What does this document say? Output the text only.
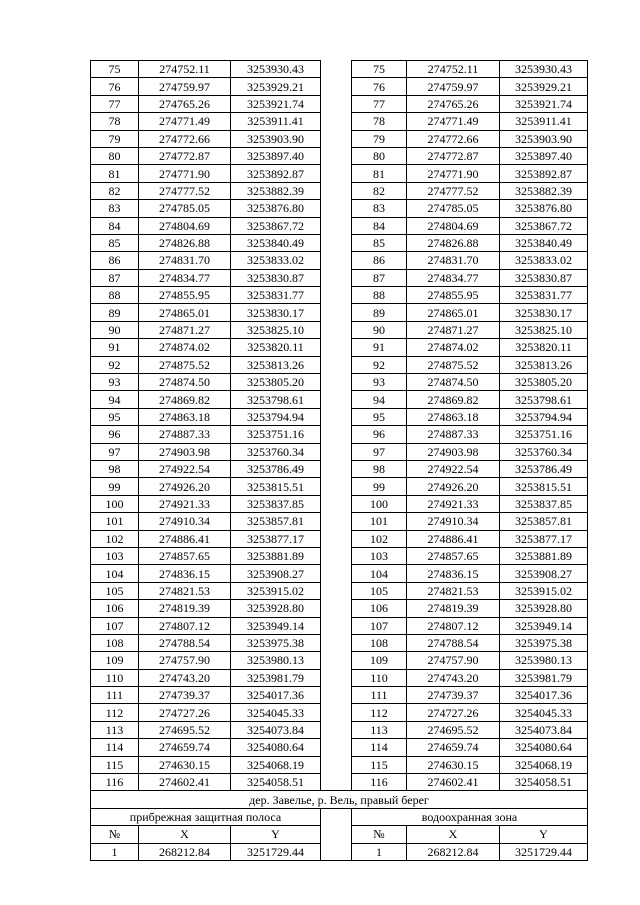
75	274752.11	3253930.43		75	274752.11	3253930.43
76	274759.97	3253929.21		76	274759.97	3253929.21
77	274765.26	3253921.74		77	274765.26	3253921.74
78	274771.49	3253911.41		78	274771.49	3253911.41
79	274772.66	3253903.90		79	274772.66	3253903.90
80	274772.87	3253897.40		80	274772.87	3253897.40
81	274771.90	3253892.87		81	274771.90	3253892.87
82	274777.52	3253882.39		82	274777.52	3253882.39
83	274785.05	3253876.80		83	274785.05	3253876.80
84	274804.69	3253867.72		84	274804.69	3253867.72
85	274826.88	3253840.49		85	274826.88	3253840.49
86	274831.70	3253833.02		86	274831.70	3253833.02
87	274834.77	3253830.87		87	274834.77	3253830.87
88	274855.95	3253831.77		88	274855.95	3253831.77
89	274865.01	3253830.17		89	274865.01	3253830.17
90	274871.27	3253825.10		90	274871.27	3253825.10
91	274874.02	3253820.11		91	274874.02	3253820.11
92	274875.52	3253813.26		92	274875.52	3253813.26
93	274874.50	3253805.20		93	274874.50	3253805.20
94	274869.82	3253798.61		94	274869.82	3253798.61
95	274863.18	3253794.94		95	274863.18	3253794.94
96	274887.33	3253751.16		96	274887.33	3253751.16
97	274903.98	3253760.34		97	274903.98	3253760.34
98	274922.54	3253786.49		98	274922.54	3253786.49
99	274926.20	3253815.51		99	274926.20	3253815.51
100	274921.33	3253837.85		100	274921.33	3253837.85
101	274910.34	3253857.81		101	274910.34	3253857.81
102	274886.41	3253877.17		102	274886.41	3253877.17
103	274857.65	3253881.89		103	274857.65	3253881.89
104	274836.15	3253908.27		104	274836.15	3253908.27
105	274821.53	3253915.02		105	274821.53	3253915.02
106	274819.39	3253928.80		106	274819.39	3253928.80
107	274807.12	3253949.14		107	274807.12	3253949.14
108	274788.54	3253975.38		108	274788.54	3253975.38
109	274757.90	3253980.13		109	274757.90	3253980.13
110	274743.20	3253981.79		110	274743.20	3253981.79
111	274739.37	3254017.36		111	274739.37	3254017.36
112	274727.26	3254045.33		112	274727.26	3254045.33
113	274695.52	3254073.84		113	274695.52	3254073.84
114	274659.74	3254080.64		114	274659.74	3254080.64
115	274630.15	3254068.19		115	274630.15	3254068.19
116	274602.41	3254058.51		116	274602.41	3254058.51
дер. Завелье, р. Вель, правый берег						
прибрежная защитная полоса				водоохранная зона		
№	X	Y		№	X	Y
1	268212.84	3251729.44		1	268212.84	3251729.44
